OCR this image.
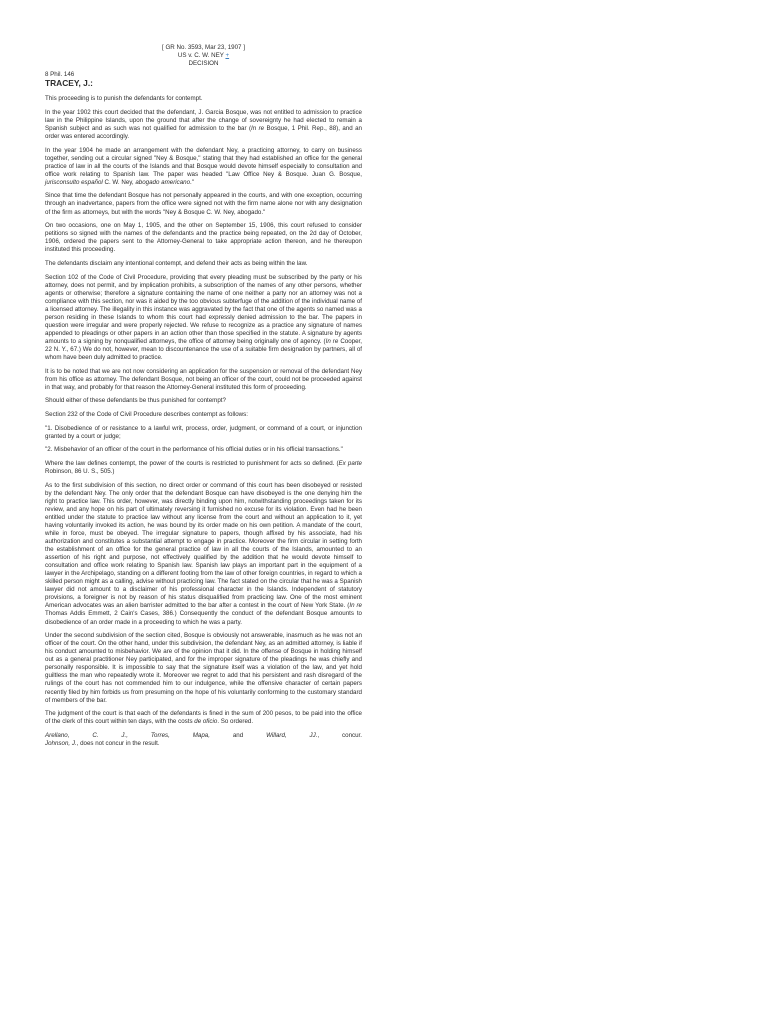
[ GR No. 3593, Mar 23, 1907 ]

US v. C. W. NEY +

DECISION

8 Phil. 146
TRACEY, J.:

This proceeding is to punish the defendants for contempt.

In the year 1902 this court decided that the defendant, J. Garcia Bosque, was not entitled to admission to practice law in the Philippine Islands, upon the ground that after the change of sovereignty he had elected to remain a Spanish subject and as such was not qualified for admission to the bar (In re Bosque, 1 Phil. Rep., 88), and an order was entered accordingly.

In the year 1904 he made an arrangement with the defendant Ney, a practicing attorney, to carry on business together, sending out a circular signed "Ney & Bosque," stating that they had established an office for the general practice of law in all the courts of the Islands and that Bosque would devote himself especially to consultation and office work relating to Spanish law. The paper was headed "Law Office Ney & Bosque. Juan G. Bosque, jurisconsulto español C. W. Ney, abogado americano."

Since that time the defendant Bosque has not personally appeared in the courts, and with one exception, occurring through an inadvertance, papers from the office were signed not with the firm name alone nor with any designation of the firm as attorneys, but with the words "Ney & Bosque C. W. Ney, abogado."

On two occasions, one on May 1, 1905, and the other on September 15, 1906, this court refused to consider petitions so signed with the names of the defendants and the practice being repeated, on the 2d day of October, 1906, ordered the papers sent to the Attorney-General to take appropriate action thereon, and he thereupon instituted this proceeding.

The defendants disclaim any intentional contempt, and defend their acts as being within the law.

Section 102 of the Code of Civil Procedure, providing that every pleading must be subscribed by the party or his attorney, does not permit, and by implication prohibits, a subscription of the names of any other persons, whether agents or otherwise; therefore a signature containing the name of one neither a party nor an attorney was not a compliance with this section, nor was it aided by the too obvious subterfuge of the addition of the individual name of a licensed attorney. The illegality in this instance was aggravated by the fact that one of the agents so named was a person residing in these Islands to whom this court had expressly denied admission to the bar. The papers in question were irregular and were properly rejected. We refuse to recognize as a practice any signature of names appended to pleadings or other papers in an action other than those specified in the statute. A signature by agents amounts to a signing by nonqualified attorneys, the office of attorney being originally one of agency. (In re Cooper, 22 N. Y., 67.) We do not, however, mean to discountenance the use of a suitable firm designation by partners, all of whom have been duly admitted to practice.

It is to be noted that we are not now considering an application for the suspension or removal of the defendant Ney from his office as attorney. The defendant Bosque, not being an officer of the court, could not be proceeded against in that way, and probably for that reason the Attorney-General instituted this form of proceeding.

Should either of these defendants be thus punished for contempt?

Section 232 of the Code of Civil Procedure describes contempt as follows:

"1. Disobedience of or resistance to a lawful writ, process, order, judgment, or command of a court, or injunction granted by a court or judge;

"2. Misbehavior of an officer of the court in the performance of his official duties or in his official transactions."

Where the law defines contempt, the power of the courts is restricted to punishment for acts so defined. (Ex parte Robinson, 86 U. S., 505.)

As to the first subdivision of this section, no direct order or command of this court has been disobeyed or resisted by the defendant Ney. The only order that the defendant Bosque can have disobeyed is the one denying him the right to practice law. This order, however, was directly binding upon him, notwithstanding proceedings taken for its review, and any hope on his part of ultimately reversing it furnished no excuse for its violation. Even had he been entitled under the statute to practice law without any license from the court and without an application to it, yet having voluntarily invoked its action, he was bound by its order made on his own petition. A mandate of the court, while in force, must be obeyed. The irregular signature to papers, though affixed by his associate, had his authorization and constitutes a substantial attempt to engage in practice. Moreover the firm circular in setting forth the establishment of an office for the general practice of law in all the courts of the Islands, amounted to an assertion of his right and purpose, not effectively qualified by the addition that he would devote himself to consultation and office work relating to Spanish law. Spanish law plays an important part in the equipment of a lawyer in the Archipelago, standing on a different footing from the law of other foreign countries, in regard to which a skilled person might as a calling, advise without practicing law. The fact stated on the circular that he was a Spanish lawyer did not amount to a disclaimer of his professional character in the Islands. Independent of statutory provisions, a foreigner is not by reason of his status disqualified from practicing law. One of the most eminent American advocates was an alien barrister admitted to the bar after a contest in the court of New York State. (In re Thomas Addis Emmett, 2 Cain's Cases, 386.) Consequently the conduct of the defendant Bosque amounts to disobedience of an order made in a proceeding to which he was a party.

Under the second subdivision of the section cited, Bosque is obviously not answerable, inasmuch as he was not an officer of the court. On the other hand, under this subdivision, the defendant Ney, as an admitted attorney, is liable if his conduct amounted to misbehavior. We are of the opinion that it did. In the offense of Bosque in holding himself out as a general practitioner Ney participated, and for the improper signature of the pleadings he was chiefly and personally responsible. It is impossible to say that the signature itself was a violation of the law, and yet hold guiltless the man who repeatedly wrote it. Moreover we regret to add that his persistent and rash disregard of the rulings of the court has not commended him to our indulgence, while the offensive character of certain papers recently filed by him forbids us from presuming on the hope of his voluntarily conforming to the customary standard of members of the bar.

The judgment of the court is that each of the defendants is fined in the sum of 200 pesos, to be paid into the office of the clerk of this court within ten days, with the costs de oficio. So ordered.

Arellano, C. J., Torres, Mapa, and Willard, JJ., concur.

Johnson, J., does not concur in the result.
